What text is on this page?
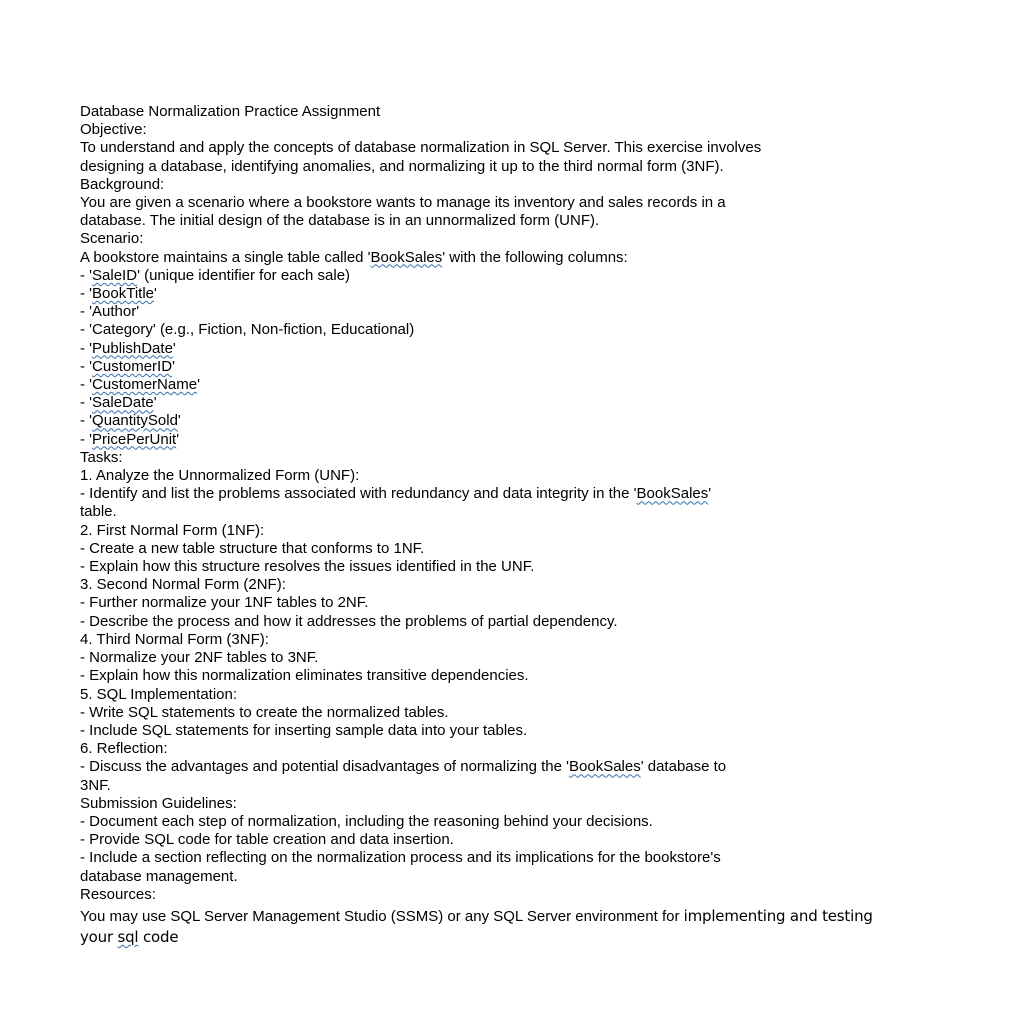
Database Normalization Practice Assignment
Objective:
To understand and apply the concepts of database normalization in SQL Server. This exercise involves designing a database, identifying anomalies, and normalizing it up to the third normal form (3NF).
Background:
You are given a scenario where a bookstore wants to manage its inventory and sales records in a database. The initial design of the database is in an unnormalized form (UNF).
Scenario:
A bookstore maintains a single table called 'BookSales' with the following columns:
- 'SaleID' (unique identifier for each sale)
- 'BookTitle'
- 'Author'
- 'Category' (e.g., Fiction, Non-fiction, Educational)
- 'PublishDate'
- 'CustomerID'
- 'CustomerName'
- 'SaleDate'
- 'QuantitySold'
- 'PricePerUnit'
Tasks:
1. Analyze the Unnormalized Form (UNF):
- Identify and list the problems associated with redundancy and data integrity in the 'BookSales'
table.
2. First Normal Form (1NF):
- Create a new table structure that conforms to 1NF.
- Explain how this structure resolves the issues identified in the UNF.
3. Second Normal Form (2NF):
- Further normalize your 1NF tables to 2NF.
- Describe the process and how it addresses the problems of partial dependency.
4. Third Normal Form (3NF):
- Normalize your 2NF tables to 3NF.
- Explain how this normalization eliminates transitive dependencies.
5. SQL Implementation:
- Write SQL statements to create the normalized tables.
- Include SQL statements for inserting sample data into your tables.
6. Reflection:
- Discuss the advantages and potential disadvantages of normalizing the 'BookSales' database to
3NF.
Submission Guidelines:
- Document each step of normalization, including the reasoning behind your decisions.
- Provide SQL code for table creation and data insertion.
- Include a section reflecting on the normalization process and its implications for the bookstore's
database management.
Resources:
You may use SQL Server Management Studio (SSMS) or any SQL Server environment for implementing and testing
your sql code
